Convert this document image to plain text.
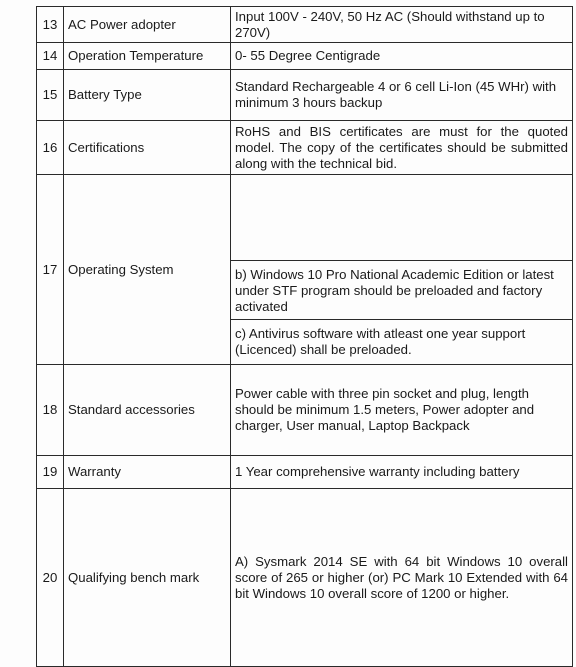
13	AC Power adopter	Input 100V - 240V, 50 Hz AC (Should withstand up to 270V)
14	Operation Temperature	0- 55 Degree Centigrade
15	Battery Type	Standard Rechargeable 4 or 6 cell Li-Ion (45 WHr) with minimum 3 hours backup
16	Certifications	RoHS and BIS certificates are must for the quoted model. The copy of the certificates should be submitted along with the technical bid.
17	Operating System	b) Windows 10 Pro National Academic Edition or latest under STF program should be preloaded and factory activated
c) Antivirus software with atleast one year support (Licenced) shall be preloaded.

18	Standard accessories	Power cable with three pin socket and plug, length should be minimum 1.5 meters, Power adopter and charger, User manual, Laptop Backpack
19	Warranty	1 Year comprehensive warranty including battery
20	Qualifying bench mark	A) Sysmark 2014 SE with 64 bit Windows 10 overall score of 265 or higher (or) PC Mark 10 Extended with 64 bit Windows 10 overall score of 1200 or higher.
